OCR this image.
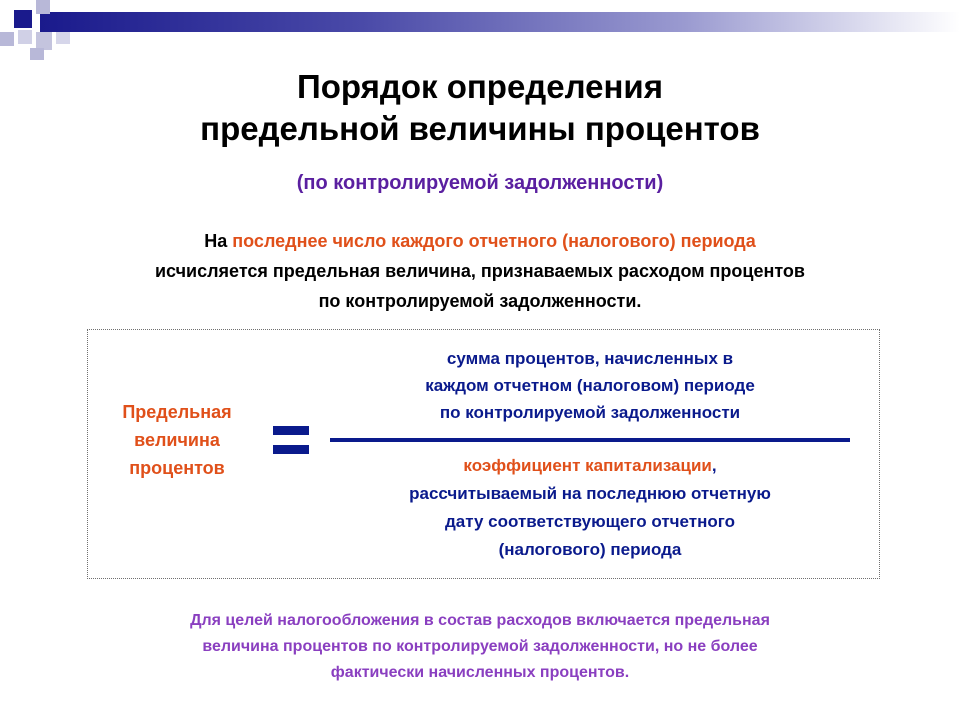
Порядок определения
предельной величины процентов
(по контролируемой задолженности)
На последнее число каждого отчетного (налогового) периода
исчисляется предельная величина, признаваемых расходом процентов
по контролируемой задолженности.
Предельная
величина
процентов
сумма процентов, начисленных в
каждом отчетном (налоговом) периоде
по контролируемой задолженности
коэффициент капитализации,
рассчитываемый на последнюю отчетную
дату соответствующего отчетного
(налогового) периода
Для целей налогообложения в состав расходов включается предельная
величина процентов по контролируемой задолженности, но не более
фактически начисленных процентов.
